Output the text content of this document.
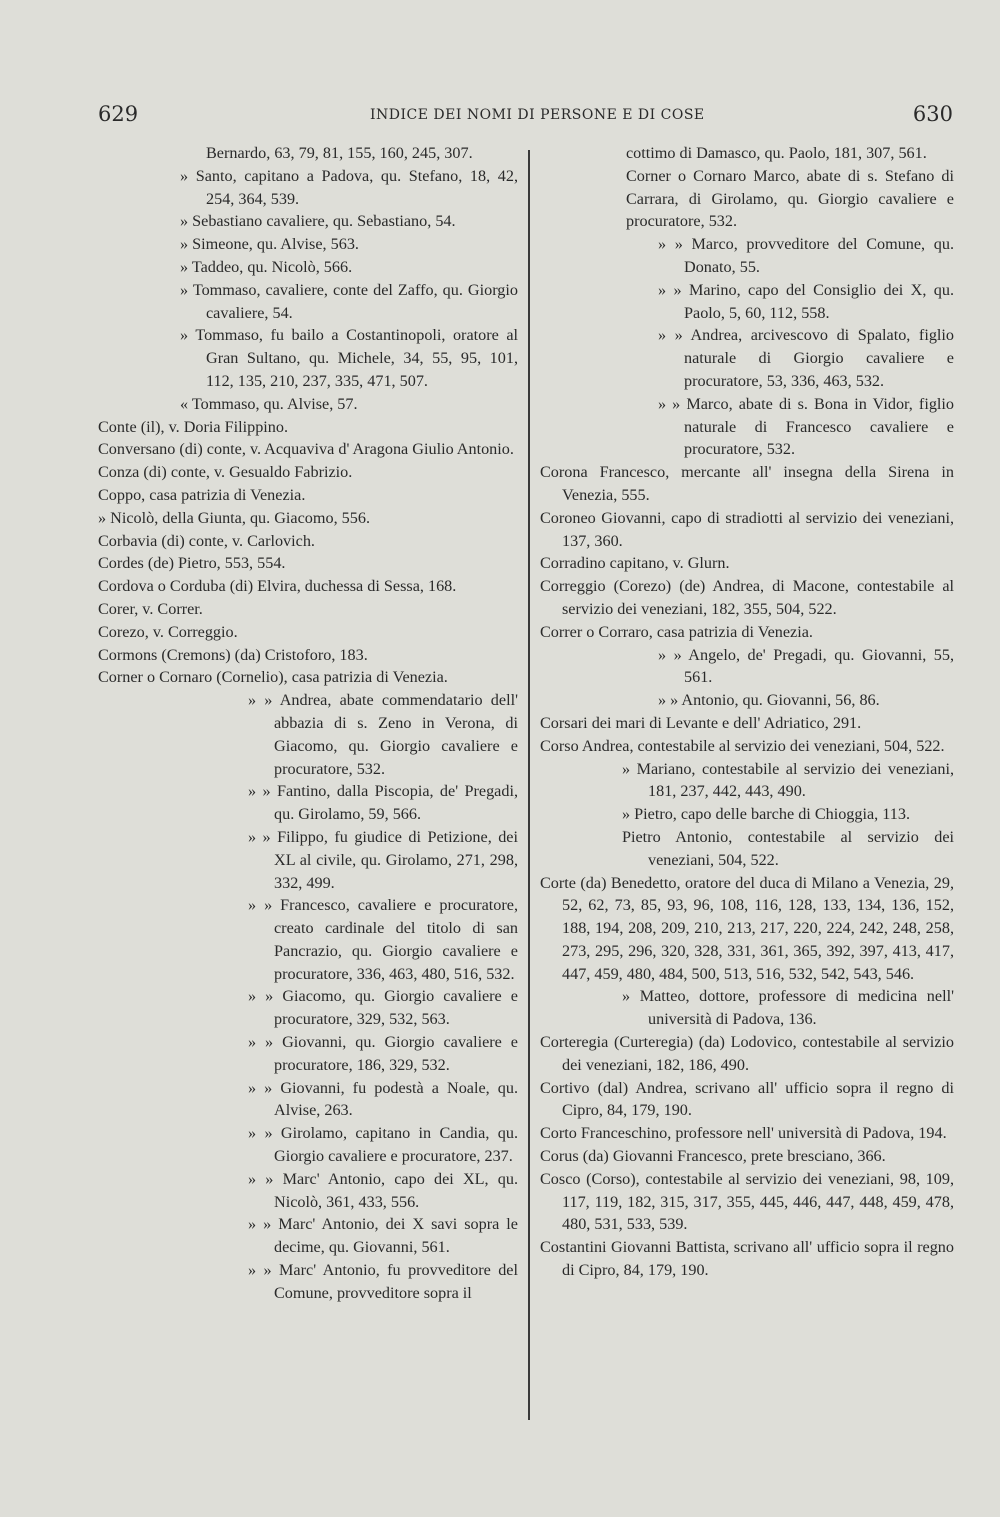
629	INDICE DEI NOMI DI PERSONE E DI COSE	630

Bernardo, 63, 79, 81, 155, 160, 245, 307.

» Santo, capitano a Padova, qu. Stefano, 18, 42, 254, 364, 539.

» Sebastiano cavaliere, qu. Sebastiano, 54.

» Simeone, qu. Alvise, 563.

» Taddeo, qu. Nicolò, 566.

» Tommaso, cavaliere, conte del Zaffo, qu. Giorgio cavaliere, 54.

» Tommaso, fu bailo a Costantinopoli, oratore al Gran Sultano, qu. Michele, 34, 55, 95, 101, 112, 135, 210, 237, 335, 471, 507.

« Tommaso, qu. Alvise, 57.

Conte (il), v. Doria Filippino.

Conversano (di) conte, v. Acquaviva d' Aragona Giulio Antonio.

Conza (di) conte, v. Gesualdo Fabrizio.

Coppo, casa patrizia di Venezia.

» Nicolò, della Giunta, qu. Giacomo, 556.

Corbavia (di) conte, v. Carlovich.

Cordes (de) Pietro, 553, 554.

Cordova o Corduba (di) Elvira, duchessa di Sessa, 168.

Corer, v. Correr.

Corezo, v. Correggio.

Cormons (Cremons) (da) Cristoforo, 183.

Corner o Cornaro (Cornelio), casa patrizia di Venezia.

» » Andrea, abate commendatario dell' abbazia di s. Zeno in Verona, di Giacomo, qu. Giorgio cavaliere e procuratore, 532.

» » Fantino, dalla Piscopia, de' Pregadi, qu. Girolamo, 59, 566.

» » Filippo, fu giudice di Petizione, dei XL al civile, qu. Girolamo, 271, 298, 332, 499.

» » Francesco, cavaliere e procuratore, creato cardinale del titolo di san Pancrazio, qu. Giorgio cavaliere e procuratore, 336, 463, 480, 516, 532.

» » Giacomo, qu. Giorgio cavaliere e procuratore, 329, 532, 563.

» » Giovanni, qu. Giorgio cavaliere e procuratore, 186, 329, 532.

» » Giovanni, fu podestà a Noale, qu. Alvise, 263.

» » Girolamo, capitano in Candia, qu. Giorgio cavaliere e procuratore, 237.

» » Marc' Antonio, capo dei XL, qu. Nicolò, 361, 433, 556.

» » Marc' Antonio, dei X savi sopra le decime, qu. Giovanni, 561.

» » Marc' Antonio, fu provveditore del Comune, provveditore sopra il

cottimo di Damasco, qu. Paolo, 181, 307, 561.

Corner o Cornaro Marco, abate di s. Stefano di Carrara, di Girolamo, qu. Giorgio cavaliere e procuratore, 532.

» » Marco, provveditore del Comune, qu. Donato, 55.

» » Marino, capo del Consiglio dei X, qu. Paolo, 5, 60, 112, 558.

» » Andrea, arcivescovo di Spalato, figlio naturale di Giorgio cavaliere e procuratore, 53, 336, 463, 532.

» » Marco, abate di s. Bona in Vidor, figlio naturale di Francesco cavaliere e procuratore, 532.

Corona Francesco, mercante all' insegna della Sirena in Venezia, 555.

Coroneo Giovanni, capo di stradiotti al servizio dei veneziani, 137, 360.

Corradino capitano, v. Glurn.

Correggio (Corezo) (de) Andrea, di Macone, contestabile al servizio dei veneziani, 182, 355, 504, 522.

Correr o Corraro, casa patrizia di Venezia.

» » Angelo, de' Pregadi, qu. Giovanni, 55, 561.

» » Antonio, qu. Giovanni, 56, 86.

Corsari dei mari di Levante e dell' Adriatico, 291.

Corso Andrea, contestabile al servizio dei veneziani, 504, 522.

» Mariano, contestabile al servizio dei veneziani, 181, 237, 442, 443, 490.

» Pietro, capo delle barche di Chioggia, 113.

Pietro Antonio, contestabile al servizio dei veneziani, 504, 522.

Corte (da) Benedetto, oratore del duca di Milano a Venezia, 29, 52, 62, 73, 85, 93, 96, 108, 116, 128, 133, 134, 136, 152, 188, 194, 208, 209, 210, 213, 217, 220, 224, 242, 248, 258, 273, 295, 296, 320, 328, 331, 361, 365, 392, 397, 413, 417, 447, 459, 480, 484, 500, 513, 516, 532, 542, 543, 546.

» Matteo, dottore, professore di medicina nell' università di Padova, 136.

Corteregia (Curteregia) (da) Lodovico, contestabile al servizio dei veneziani, 182, 186, 490.

Cortivo (dal) Andrea, scrivano all' ufficio sopra il regno di Cipro, 84, 179, 190.

Corto Franceschino, professore nell' università di Padova, 194.

Corus (da) Giovanni Francesco, prete bresciano, 366.

Cosco (Corso), contestabile al servizio dei veneziani, 98, 109, 117, 119, 182, 315, 317, 355, 445, 446, 447, 448, 459, 478, 480, 531, 533, 539.

Costantini Giovanni Battista, scrivano all' ufficio sopra il regno di Cipro, 84, 179, 190.
